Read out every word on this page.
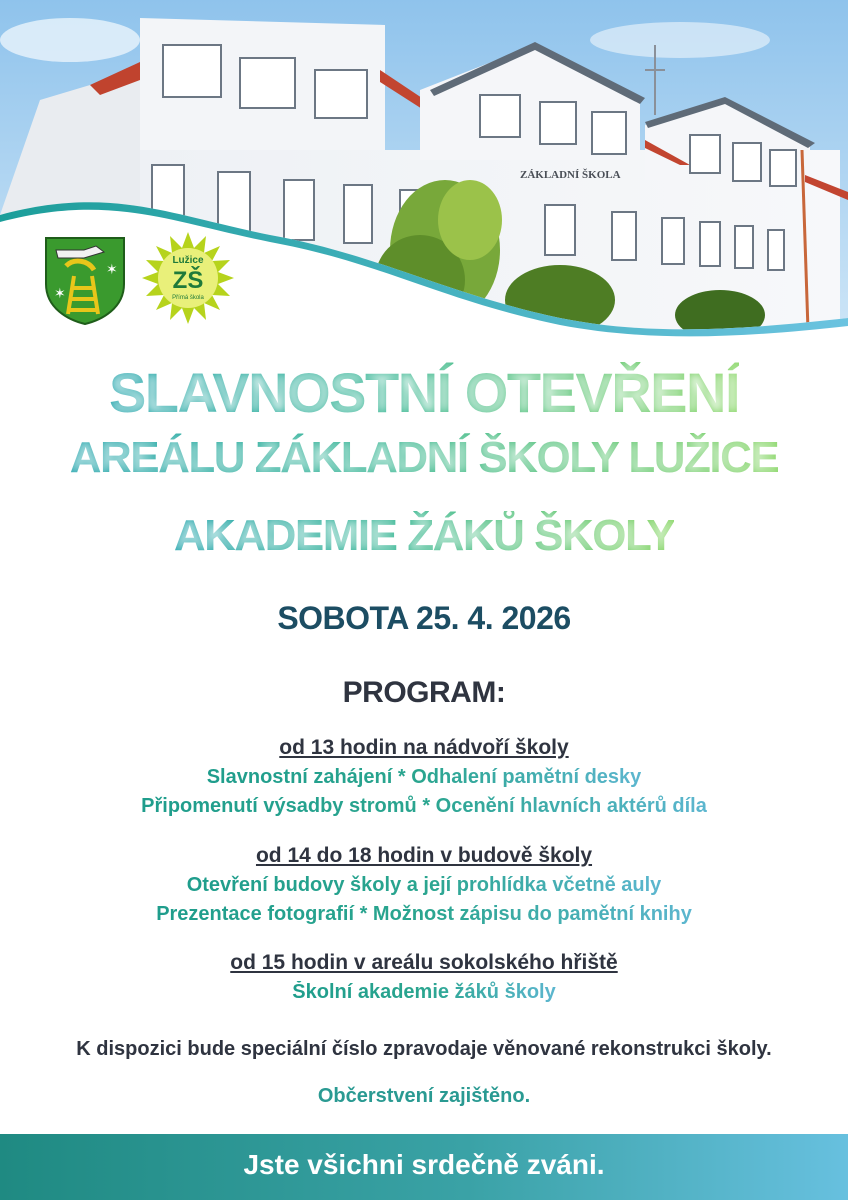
ZÁKLADNÍ ŠKOLA
✶
✶
Lužice
ZŠ
Přímá škola
SLAVNOSTNÍ OTEVŘENÍ
AREÁLU ZÁKLADNÍ ŠKOLY LUŽICE
AKADEMIE ŽÁKŮ ŠKOLY
SOBOTA 25. 4. 2026
PROGRAM:
od 13 hodin na nádvoří školy
Slavnostní zahájení * Odhalení pamětní desky
Připomenutí výsadby stromů * Ocenění hlavních aktérů díla
od 14 do 18 hodin v budově školy
Otevření budovy školy a její prohlídka včetně auly
Prezentace fotografií * Možnost zápisu do pamětní knihy
od 15 hodin v areálu sokolského hřiště
Školní akademie žáků školy
K dispozici bude speciální číslo zpravodaje věnované rekonstrukci školy.
Občerstvení zajištěno.
Jste všichni srdečně zváni.
